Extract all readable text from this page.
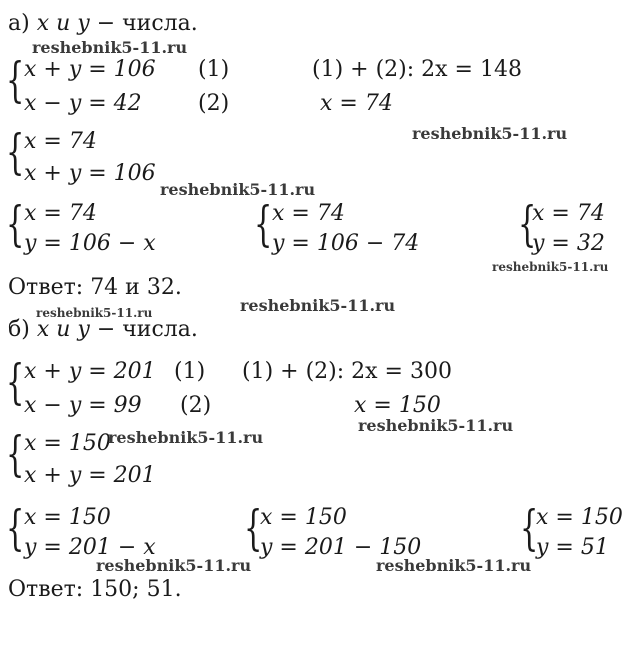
а) x и y − числа.
{ x + y = 106
x − y = 42
(1)
(2)
(1) + (2): 2x = 148
x = 74
{ x = 74
x + y = 106
{ x = 74
y = 106 − x { x = 74
y = 106 − 74 {
x = 74
y = 32
Ответ: 74 и 32.
б) x и y − числа.
{ x + y = 201
x − y = 99
(1)
(2)
(1) + (2): 2x = 300
x = 150
{ x = 150
x + y = 201
{ x = 150
y = 201 − x {
x = 150
y = 201 − 150 {
x = 150
y = 51
Ответ: 150; 51.
reshebnik5-11.ru
reshebnik5-11.ru
reshebnik5-11.ru
reshebnik5-11.ru
reshebnik5-11.ru
reshebnik5-11.ru
reshebnik5-11.ru
reshebnik5-11.ru
reshebnik5-11.ru	reshebnik5-11.ru
